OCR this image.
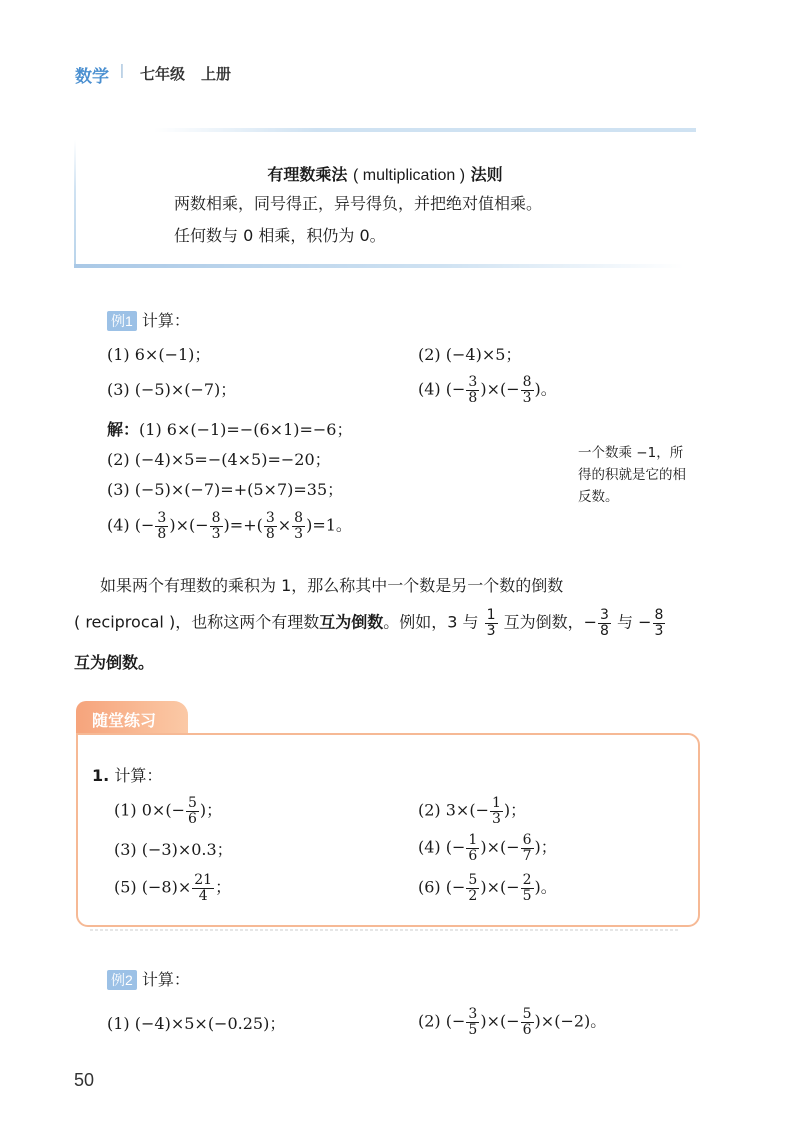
数学 | 七年级 上册
有理数乘法 ( multiplication ) 法则
两数相乘，同号得正，异号得负，并把绝对值相乘。
任何数与 0 相乘，积仍为 0。
例1 计算：
(1) 6×(−1)；	(2) (−4)×5；
(3) (−5)×(−7)；	(4) (− $\frac{3}{8}$ )×(− $\frac{8}{3}$ )。
解：(1) 6×(−1)=−(6×1)=−6；
(2) (−4)×5=−(4×5)=−20；
(3) (−5)×(−7)=+(5×7)=35；
(4) (− $\frac{3}{8}$ )×(− $\frac{8}{3}$ )=+( $\frac{3}{8} \times \frac{8}{3} )=1$。
一个数乘 −1，所得的积就是它的相反数。
如果两个有理数的乘积为 1，那么称其中一个数是另一个数的倒数
( reciprocal )，也称这两个有理数互为倒数。例如，3 与 $\frac{1}{3}$ 互为倒数，− $\frac{3}{8}$ 与 − $\frac{8}{3}$
互为倒数。
随堂练习
1. 计算：
(1) $0\times(- \frac{5}{6}$ )；	(2) $3\times(- \frac{1}{3}$ )；
(3) (−3)×0.3；	(4) (− $\frac{1}{6}$ )×(− $\frac{6}{7}$ )；
(5) $(-8)\times \frac{21}{4}$ ；	(6) (− $\frac{5}{2}$ )×(− $\frac{2}{5}$ )。
例2 计算：
(1) (−4)×5×(−0.25)；	(2) (− $\frac{3}{5}$ )×(− $\frac{5}{6} )\times(-2)$。
50
